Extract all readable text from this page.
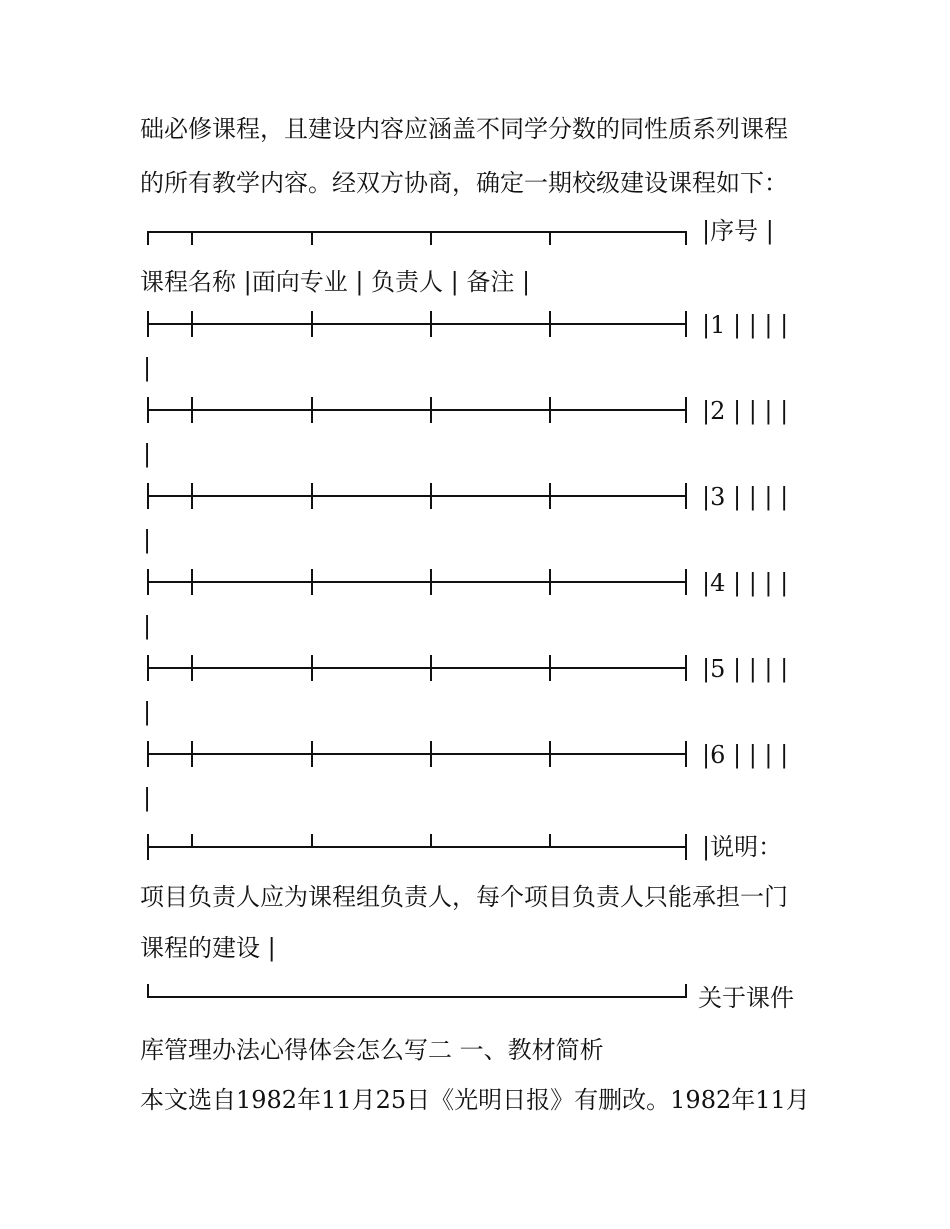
础必修课程，且建设内容应涵盖不同学分数的同性质系列课程
的所有教学内容。经双方协商，确定一期校级建设课程如下：
|序号 |
课程名称 |面向专业 | 负责人 | 备注 |
|1 | | | |
|
|2 | | | |
|
|3 | | | |
|
|4 | | | |
|
|5 | | | |
|
|6 | | | |
|
|说明：
项目负责人应为课程组负责人，每个项目负责人只能承担一门
课程的建设 |
关于课件
库管理办法心得体会怎么写二 一、教材简析
本文选自1982年11月25日《光明日报》有删改。1982年11月
